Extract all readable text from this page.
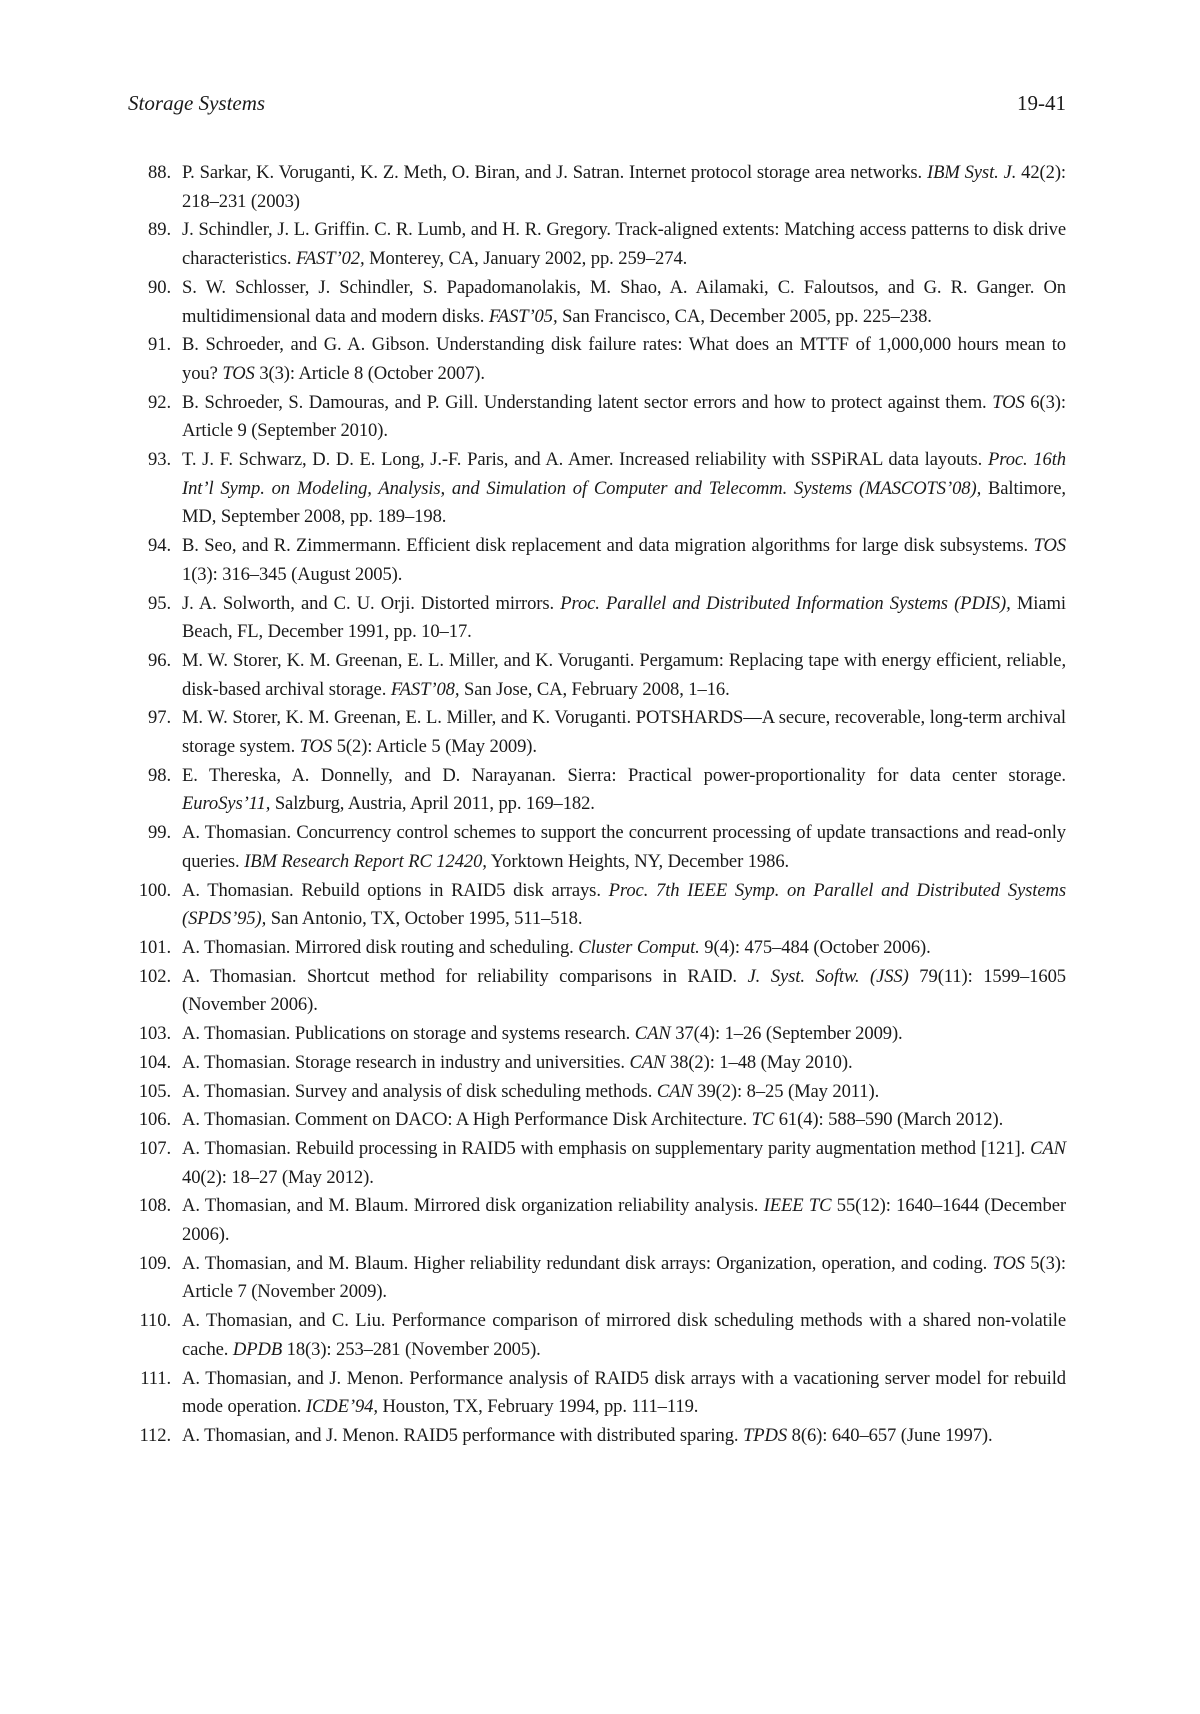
Storage Systems	19-41
88. P. Sarkar, K. Voruganti, K. Z. Meth, O. Biran, and J. Satran. Internet protocol storage area networks. IBM Syst. J. 42(2): 218–231 (2003)
89. J. Schindler, J. L. Griffin. C. R. Lumb, and H. R. Gregory. Track-aligned extents: Matching access patterns to disk drive characteristics. FAST’02, Monterey, CA, January 2002, pp. 259–274.
90. S. W. Schlosser, J. Schindler, S. Papadomanolakis, M. Shao, A. Ailamaki, C. Faloutsos, and G. R. Ganger. On multidimensional data and modern disks. FAST’05, San Francisco, CA, December 2005, pp. 225–238.
91. B. Schroeder, and G. A. Gibson. Understanding disk failure rates: What does an MTTF of 1,000,000 hours mean to you? TOS 3(3): Article 8 (October 2007).
92. B. Schroeder, S. Damouras, and P. Gill. Understanding latent sector errors and how to protect against them. TOS 6(3): Article 9 (September 2010).
93. T. J. F. Schwarz, D. D. E. Long, J.-F. Paris, and A. Amer. Increased reliability with SSPiRAL data layouts. Proc. 16th Int’l Symp. on Modeling, Analysis, and Simulation of Computer and Telecomm. Systems (MASCOTS’08), Baltimore, MD, September 2008, pp. 189–198.
94. B. Seo, and R. Zimmermann. Efficient disk replacement and data migration algorithms for large disk subsystems. TOS 1(3): 316–345 (August 2005).
95. J. A. Solworth, and C. U. Orji. Distorted mirrors. Proc. Parallel and Distributed Information Systems (PDIS), Miami Beach, FL, December 1991, pp. 10–17.
96. M. W. Storer, K. M. Greenan, E. L. Miller, and K. Voruganti. Pergamum: Replacing tape with energy efficient, reliable, disk-based archival storage. FAST’08, San Jose, CA, February 2008, 1–16.
97. M. W. Storer, K. M. Greenan, E. L. Miller, and K. Voruganti. POTSHARDS—A secure, recoverable, long-term archival storage system. TOS 5(2): Article 5 (May 2009).
98. E. Thereska, A. Donnelly, and D. Narayanan. Sierra: Practical power-proportionality for data center storage. EuroSys’11, Salzburg, Austria, April 2011, pp. 169–182.
99. A. Thomasian. Concurrency control schemes to support the concurrent processing of update transactions and read-only queries. IBM Research Report RC 12420, Yorktown Heights, NY, December 1986.
100. A. Thomasian. Rebuild options in RAID5 disk arrays. Proc. 7th IEEE Symp. on Parallel and Distributed Systems (SPDS’95), San Antonio, TX, October 1995, 511–518.
101. A. Thomasian. Mirrored disk routing and scheduling. Cluster Comput. 9(4): 475–484 (October 2006).
102. A. Thomasian. Shortcut method for reliability comparisons in RAID. J. Syst. Softw. (JSS) 79(11): 1599–1605 (November 2006).
103. A. Thomasian. Publications on storage and systems research. CAN 37(4): 1–26 (September 2009).
104. A. Thomasian. Storage research in industry and universities. CAN 38(2): 1–48 (May 2010).
105. A. Thomasian. Survey and analysis of disk scheduling methods. CAN 39(2): 8–25 (May 2011).
106. A. Thomasian. Comment on DACO: A High Performance Disk Architecture. TC 61(4): 588–590 (March 2012).
107. A. Thomasian. Rebuild processing in RAID5 with emphasis on supplementary parity augmentation method [121]. CAN 40(2): 18–27 (May 2012).
108. A. Thomasian, and M. Blaum. Mirrored disk organization reliability analysis. IEEE TC 55(12): 1640–1644 (December 2006).
109. A. Thomasian, and M. Blaum. Higher reliability redundant disk arrays: Organization, operation, and coding. TOS 5(3): Article 7 (November 2009).
110. A. Thomasian, and C. Liu. Performance comparison of mirrored disk scheduling methods with a shared non-volatile cache. DPDB 18(3): 253–281 (November 2005).
111. A. Thomasian, and J. Menon. Performance analysis of RAID5 disk arrays with a vacationing server model for rebuild mode operation. ICDE’94, Houston, TX, February 1994, pp. 111–119.
112. A. Thomasian, and J. Menon. RAID5 performance with distributed sparing. TPDS 8(6): 640–657 (June 1997).
